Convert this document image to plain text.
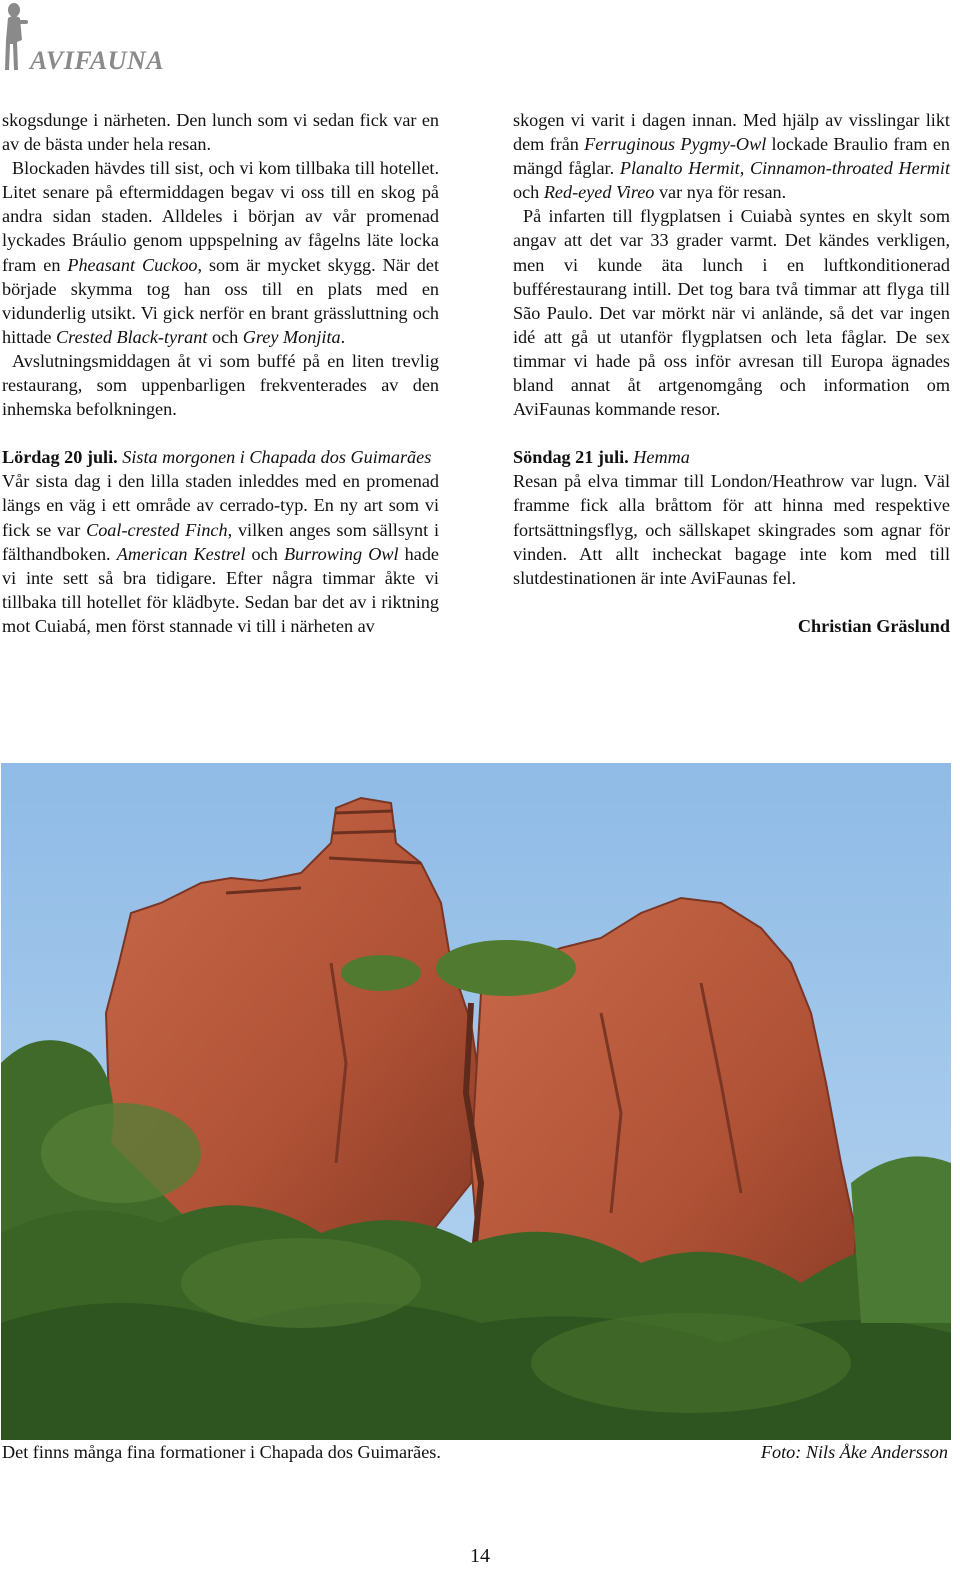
AVIFAUNA

skogsdunge i närheten. Den lunch som vi sedan fick var en av de bästa under hela resan.

Blockaden hävdes till sist, och vi kom tillbaka till hotellet. Litet senare på eftermiddagen begav vi oss till en skog på andra sidan staden. Alldeles i början av vår promenad lyckades Bráulio genom uppspelning av fågelns läte locka fram en Pheasant Cuckoo, som är mycket skygg. När det började skymma tog han oss till en plats med en vidunderlig utsikt. Vi gick nerför en brant grässluttning och hittade Crested Black-tyrant och Grey Monjita.

Avslutningsmiddagen åt vi som buffé på en liten trevlig restaurang, som uppenbarligen frekventerades av den inhemska befolkningen.

Lördag 20 juli. Sista morgonen i Chapada dos Guimarães

Vår sista dag i den lilla staden inleddes med en promenad längs en väg i ett område av cerrado-typ. En ny art som vi fick se var Coal-crested Finch, vilken anges som sällsynt i fälthandboken. American Kestrel och Burrowing Owl hade vi inte sett så bra tidigare. Efter några timmar åkte vi tillbaka till hotellet för klädbyte. Sedan bar det av i riktning mot Cuiabá, men först stannade vi till i närheten av

skogen vi varit i dagen innan. Med hjälp av visslingar likt dem från Ferruginous Pygmy-Owl lockade Braulio fram en mängd fåglar. Planalto Hermit, Cinnamon-throated Hermit och Red-eyed Vireo var nya för resan.

På infarten till flygplatsen i Cuiabà syntes en skylt som angav att det var 33 grader varmt. Det kändes verkligen, men vi kunde äta lunch i en luftkonditionerad bufférestaurang intill. Det tog bara två timmar att flyga till São Paulo. Det var mörkt när vi anlände, så det var ingen idé att gå ut utanför flygplatsen och leta fåglar. De sex timmar vi hade på oss inför avresan till Europa ägnades bland annat åt artgenomgång och information om AviFaunas kommande resor.

Söndag 21 juli. Hemma

Resan på elva timmar till London/Heathrow var lugn. Väl framme fick alla bråttom för att hinna med respektive fortsättningsflyg, och sällskapet skingrades som agnar för vinden. Att allt incheckat bagage inte kom med till slutdestinationen är inte AviFaunas fel.

Christian Gräslund

Det finns många fina formationer i Chapada dos Guimarães.	Foto: Nils Åke Andersson
14
